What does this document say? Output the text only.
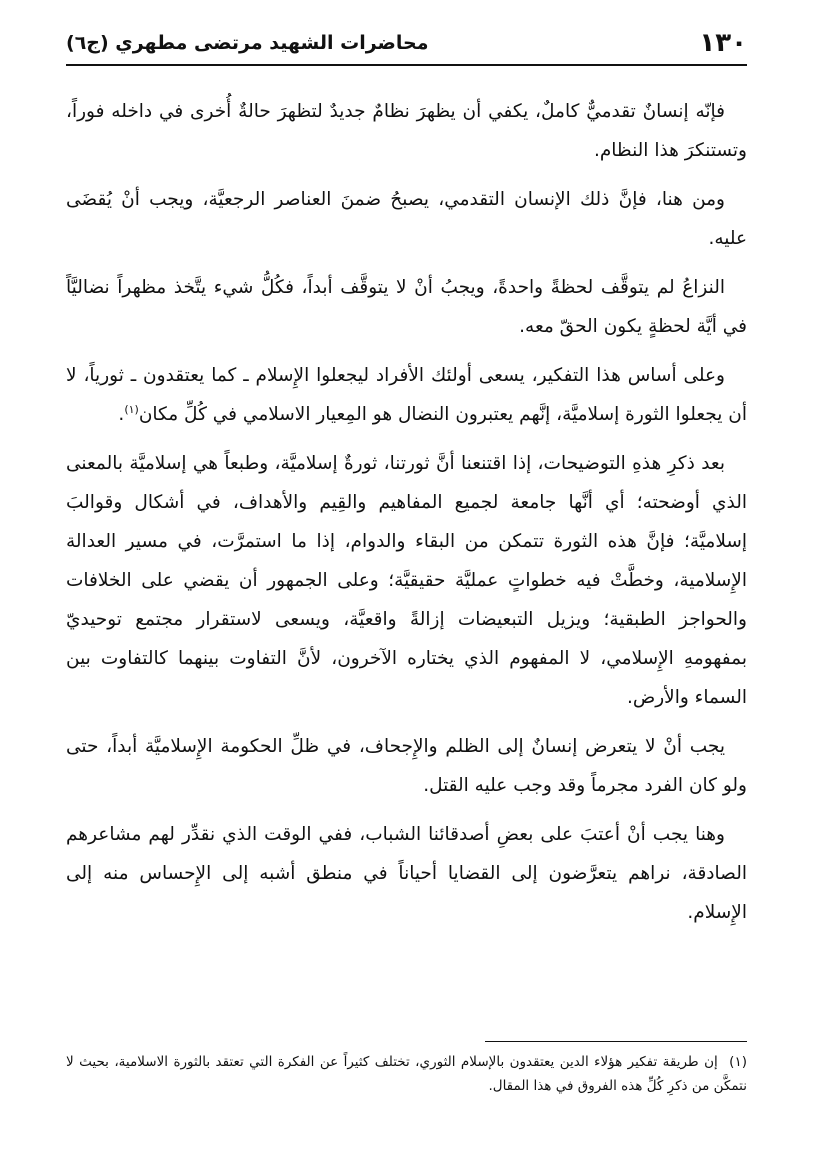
١٣٠
محاضرات الشهيد مرتضى مطهري (ج٦)

فإنّه إنسانٌ تقدميٌّ كاملٌ، يكفي أن يظهرَ نظامٌ جديدٌ لتظهرَ حالةٌ أُخرى في داخله فوراً، وتستنكرَ هذا النظام.

ومن هنا، فإنَّ ذلك الإنسان التقدمي، يصبحُ ضمنَ العناصر الرجعيَّة، ويجب أنْ يُقضَى عليه.

النزاعُ لم يتوقَّف لحظةً واحدةً، ويجبُ أنْ لا يتوقَّف أبداً، فكُلُّ شيء يتَّخذ مظهراً نضاليَّاً في أيَّة لحظةٍ يكون الحقّ معه.

وعلى أساس هذا التفكير، يسعى أولئك الأفراد ليجعلوا الإِسلام ـ كما يعتقدون ـ ثورياً، لا أن يجعلوا الثورة إسلاميَّة، إنَّهم يعتبرون النضال هو المِعيار الاسلامي في كُلِّ مكان$^{(١)}$.

بعد ذكرِ هذهِ التوضيحات، إذا اقتنعنا أنَّ ثورتنا، ثورةٌ إسلاميَّة، وطبعاً هي إسلاميَّة بالمعنى الذي أوضحته؛ أي أنَّها جامعة لجميع المفاهيم والقِيم والأهداف، في أشكال وقوالبَ إسلاميَّة؛ فإنَّ هذه الثورة تتمكن من البقاء والدوام، إذا ما استمرَّت، في مسير العدالة الإِسلامية، وخطَّتْ فيه خطواتٍ عمليَّة حقيقيَّة؛ وعلى الجمهور أن يقضي على الخلافات والحواجز الطبقية؛ ويزيل التبعيضات إزالةً واقعيَّة، ويسعى لاستقرار مجتمع توحيديّ بمفهومهِ الإِسلامي، لا المفهوم الذي يختاره الآخرون، لأنَّ التفاوت بينهما كالتفاوت بين السماء والأرض.

يجب أنْ لا يتعرض إنسانٌ إلى الظلم والإِجحاف، في ظلِّ الحكومة الإِسلاميَّة أبداً، حتى ولو كان الفرد مجرماً وقد وجب عليه القتل.

وهنا يجب أنْ أعتبَ على بعضِ أصدقائنا الشباب، ففي الوقت الذي نقدِّر لهم مشاعرهم الصادقة، نراهم يتعرَّضون إلى القضايا أحياناً في منطق أشبه إلى الإِحساس منه إلى الإِسلام.

(١) إن طريقة تفكير هؤلاء الدين يعتقدون بالإسلام الثوري، تختلف كثيراً عن الفكرة التي تعتقد بالثورة الاسلامية، بحيث لا نتمكَّن من ذكرِ كُلِّ هذه الفروق في هذا المقال.
